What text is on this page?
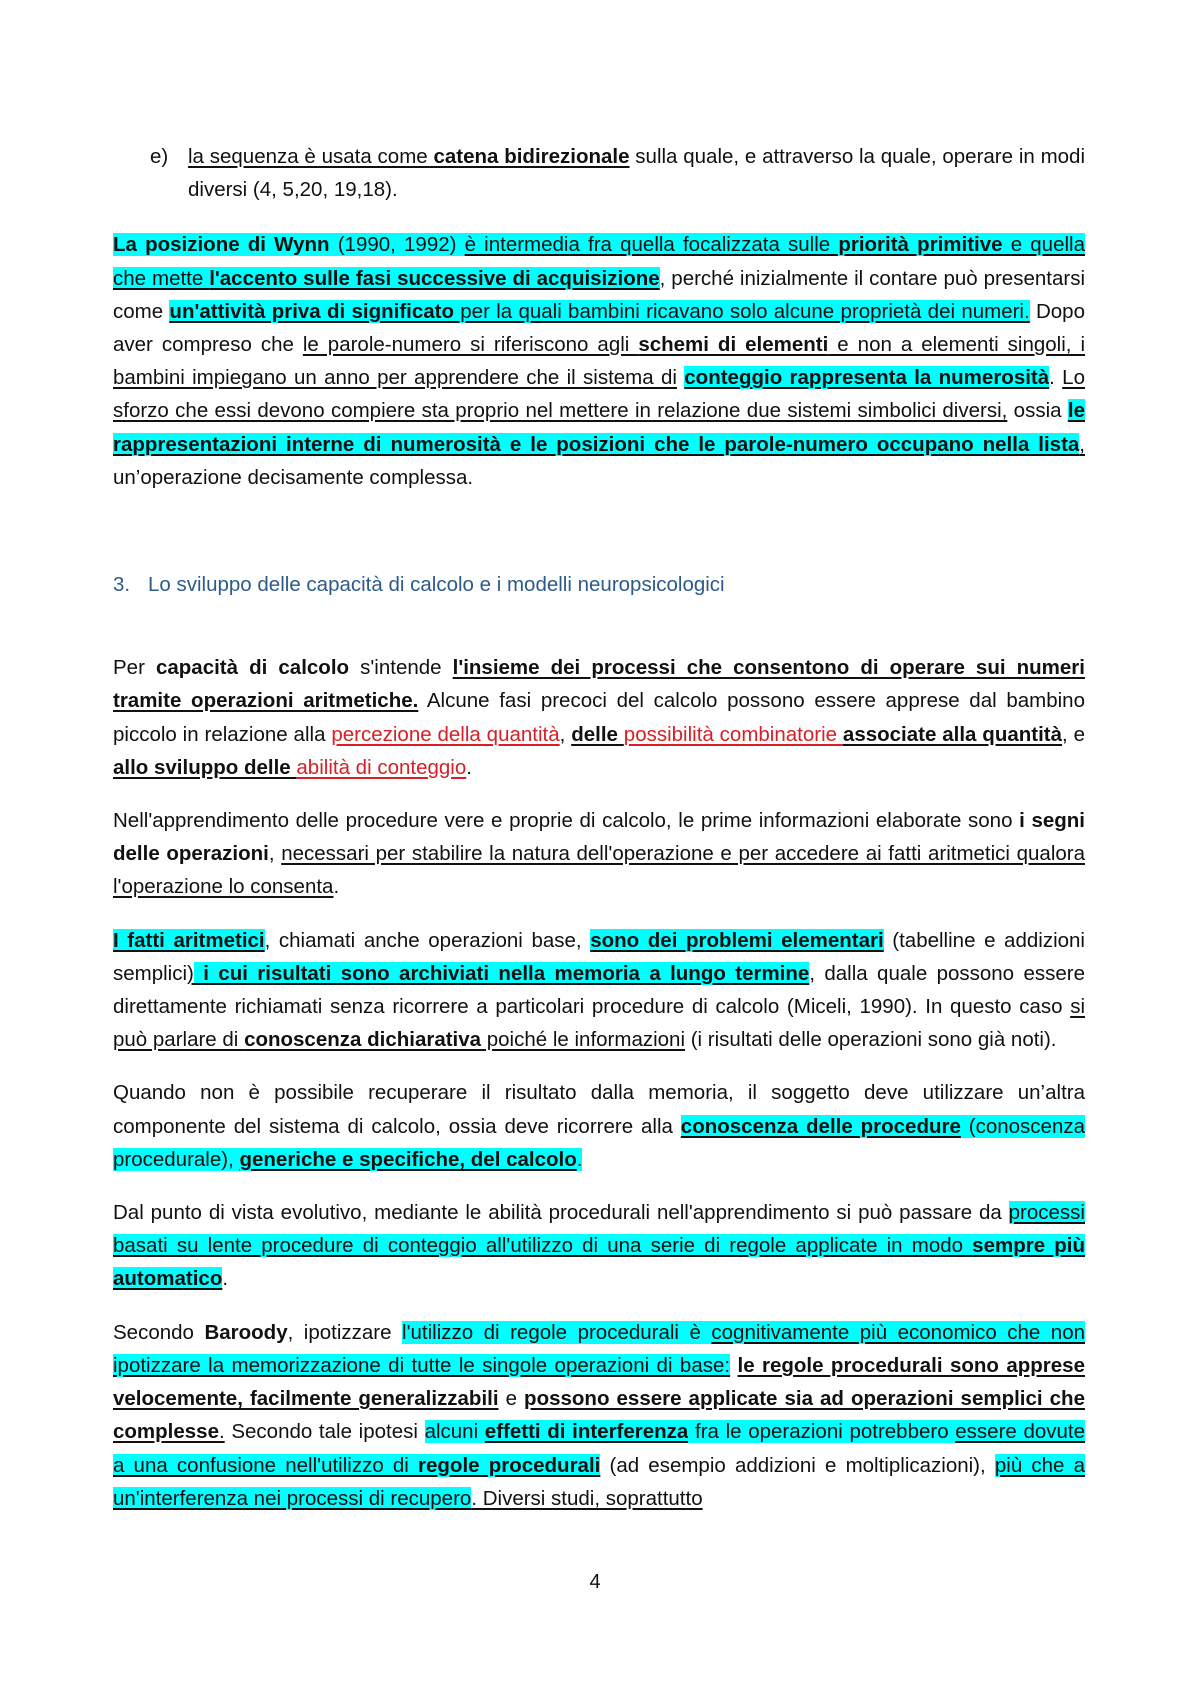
e) la sequenza è usata come catena bidirezionale sulla quale, e attraverso la quale, operare in modi diversi (4, 5,20, 19,18).

La posizione di Wynn (1990, 1992) è intermedia fra quella focalizzata sulle priorità primitive e quella che mette l'accento sulle fasi successive di acquisizione, perché inizialmente il contare può presentarsi come un'attività priva di significato per la quali bambini ricavano solo alcune proprietà dei numeri. Dopo aver compreso che le parole-numero si riferiscono agli schemi di elementi e non a elementi singoli, i bambini impiegano un anno per apprendere che il sistema di conteggio rappresenta la numerosità. Lo sforzo che essi devono compiere sta proprio nel mettere in relazione due sistemi simbolici diversi, ossia le rappresentazioni interne di numerosità e le posizioni che le parole-numero occupano nella lista, un’operazione decisamente complessa.

3. Lo sviluppo delle capacità di calcolo e i modelli neuropsicologici

Per capacità di calcolo s'intende l'insieme dei processi che consentono di operare sui numeri tramite operazioni aritmetiche. Alcune fasi precoci del calcolo possono essere apprese dal bambino piccolo in relazione alla percezione della quantità, delle possibilità combinatorie associate alla quantità, e allo sviluppo delle abilità di conteggio.

Nell'apprendimento delle procedure vere e proprie di calcolo, le prime informazioni elaborate sono i segni delle operazioni, necessari per stabilire la natura dell'operazione e per accedere ai fatti aritmetici qualora l'operazione lo consenta.

I fatti aritmetici, chiamati anche operazioni base, sono dei problemi elementari (tabelline e addizioni semplici) i cui risultati sono archiviati nella memoria a lungo termine, dalla quale possono essere direttamente richiamati senza ricorrere a particolari procedure di calcolo (Miceli, 1990). In questo caso si può parlare di conoscenza dichiarativa poiché le informazioni (i risultati delle operazioni sono già noti).

Quando non è possibile recuperare il risultato dalla memoria, il soggetto deve utilizzare un’altra componente del sistema di calcolo, ossia deve ricorrere alla conoscenza delle procedure (conoscenza procedurale), generiche e specifiche, del calcolo.

Dal punto di vista evolutivo, mediante le abilità procedurali nell'apprendimento si può passare da processi basati su lente procedure di conteggio all'utilizzo di una serie di regole applicate in modo sempre più automatico.

Secondo Baroody, ipotizzare l'utilizzo di regole procedurali è cognitivamente più economico che non ipotizzare la memorizzazione di tutte le singole operazioni di base: le regole procedurali sono apprese velocemente, facilmente generalizzabili e possono essere applicate sia ad operazioni semplici che complesse. Secondo tale ipotesi alcuni effetti di interferenza fra le operazioni potrebbero essere dovute a una confusione nell'utilizzo di regole procedurali (ad esempio addizioni e moltiplicazioni), più che a un'interferenza nei processi di recupero. Diversi studi, soprattutto

4
